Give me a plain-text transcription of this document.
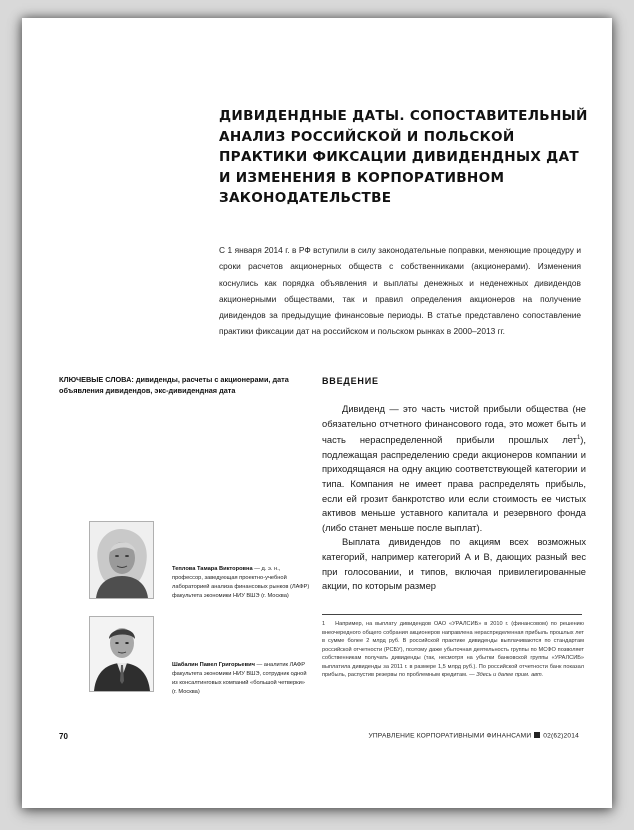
ДИВИДЕНДНЫЕ ДАТЫ. СОПОСТАВИТЕЛЬНЫЙ АНАЛИЗ РОССИЙСКОЙ И ПОЛЬСКОЙ ПРАКТИКИ ФИКСАЦИИ ДИВИДЕНДНЫХ ДАТ И ИЗМЕНЕНИЯ В КОРПОРАТИВНОМ ЗАКОНОДАТЕЛЬСТВЕ

С 1 января 2014 г. в РФ вступили в силу законодательные поправки, меняющие процедуру и сроки расчетов акционерных обществ с собственниками (акционерами). Изменения коснулись как порядка объявления и выплаты денежных и неденежных дивидендов акционерными обществами, так и правил определения акционеров на получение дивидендов за предыдущие финансовые периоды. В статье представлено сопоставление практики фиксации дат на российском и польском рынках в 2000–2013 гг.

КЛЮЧЕВЫЕ СЛОВА: дивиденды, расчеты с акционерами, дата объявления дивидендов, экс-дивидендная дата

ВВЕДЕНИЕ

Дивиденд — это часть чистой прибыли общества (не обязательно отчетного финансового года, это может быть и часть нераспределенной прибыли прошлых лет$^1$), подлежащая распределению среди акционеров компании и приходящаяся на одну акцию соответствующей категории и типа. Компания не имеет права распределять прибыль, если ей грозит банкротство или если стоимость ее чистых активов меньше уставного капитала и резервного фонда (либо станет меньше после выплат).

Выплата дивидендов по акциям всех возможных категорий, например категорий A и B, дающих разный вес при голосовании, и типов, включая привилегированные акции, по которым размер

1 Например, на выплату дивидендов ОАО «УРАЛСИБ» в 2010 г. (финансовом) по решению внеочередного общего собрания акционеров направлена нераспределенная прибыль прошлых лет в сумме более 2 млрд руб. В российской практике дивиденды выплачиваются по стандартам российской отчетности (РСБУ), поэтому даже убыточная деятельность группы по МСФО позволяет собственникам получать дивиденды (так, несмотря на убытки банковской группы «УРАЛСИБ» выплатила дивиденды за 2011 г. в размере 1,5 млрд руб.). По российской отчетности банк показал прибыль, распустив резервы по проблемным кредитам. — Здесь и далее прим. авт.
Теплова Тамара Викторовна — д. э. н., профессор, заведующая проектно-учебной лабораторией анализа финансовых рынков (ЛАФР) факультета экономики НИУ ВШЭ (г. Москва)
Шабалин Павел Григорьевич — аналитик ЛАФР факультета экономики НИУ ВШЭ, сотрудник одной из консалтинговых компаний «большой четверки» (г. Москва)
70	УПРАВЛЕНИЕ КОРПОРАТИВНЫМИ ФИНАНСАМИ 02(62)2014
